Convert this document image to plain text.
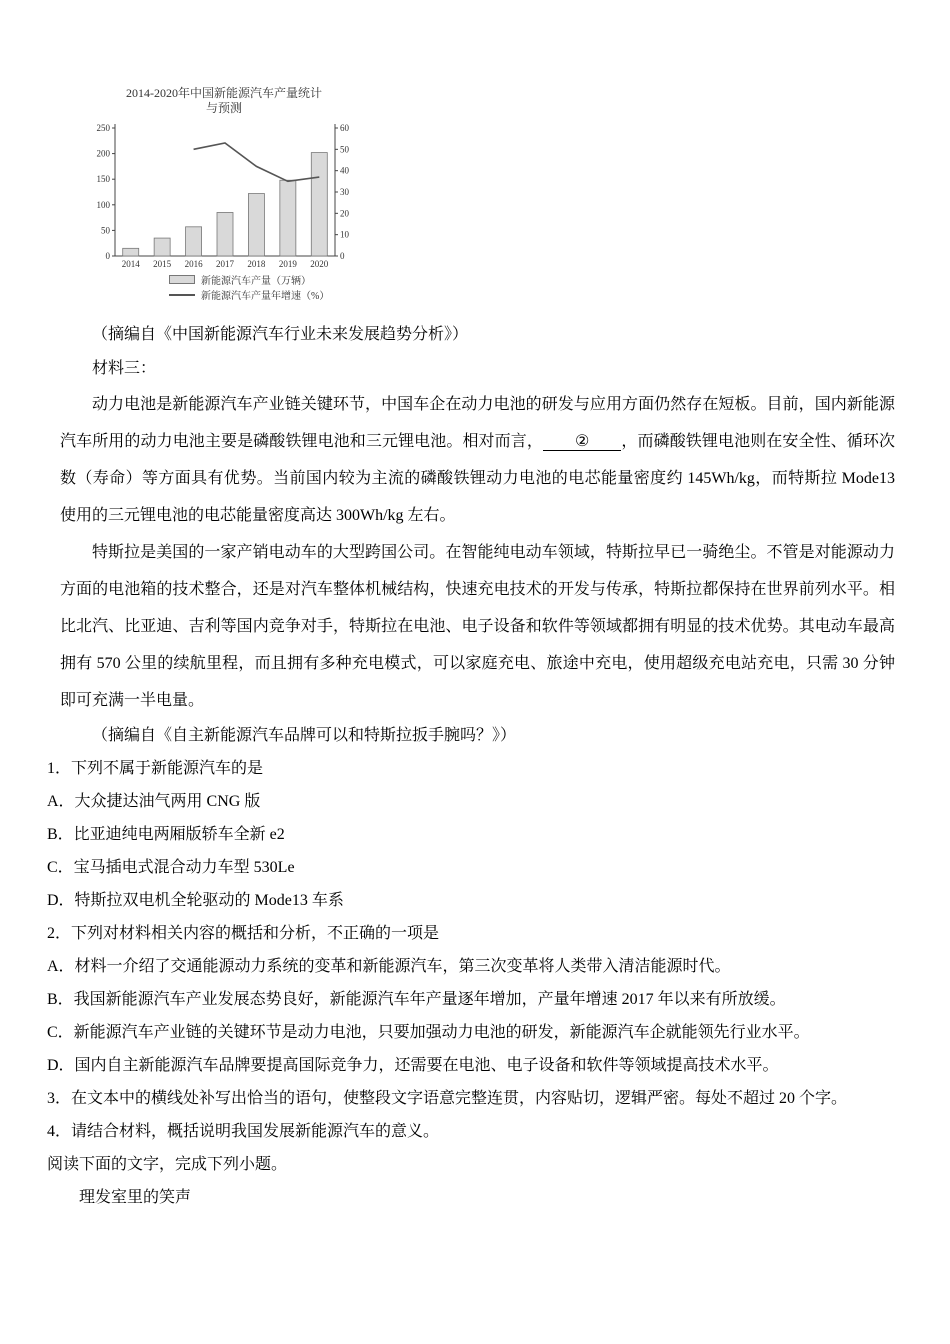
2014-2020年中国新能源汽车产量统计
与预测
0
50
100
150
200
250
0
10
20
30
40
50
60
2014 2015 2016 2017 2018 2019 2020
新能源汽车产量（万辆）
新能源汽车产量年增速（%）
（摘编自《中国新能源汽车行业未来发展趋势分析》）
材料三：

动力电池是新能源汽车产业链关键环节，中国车企在动力电池的研发与应用方面仍然存在短板。目前，国内新能源汽车所用的动力电池主要是磷酸铁锂电池和三元锂电池。相对而言， ② ，而磷酸铁锂电池则在安全性、循环次数（寿命）等方面具有优势。当前国内较为主流的磷酸铁锂动力电池的电芯能量密度约 145Wh/kg，而特斯拉 Mode13 使用的三元锂电池的电芯能量密度高达 300Wh/kg 左右。

特斯拉是美国的一家产销电动车的大型跨国公司。在智能纯电动车领域，特斯拉早已一骑绝尘。不管是对能源动力方面的电池箱的技术整合，还是对汽车整体机械结构，快速充电技术的开发与传承，特斯拉都保持在世界前列水平。相比北汽、比亚迪、吉利等国内竞争对手，特斯拉在电池、电子设备和软件等领域都拥有明显的技术优势。其电动车最高拥有 570 公里的续航里程，而且拥有多种充电模式，可以家庭充电、旅途中充电，使用超级充电站充电，只需 30 分钟即可充满一半电量。

（摘编自《自主新能源汽车品牌可以和特斯拉扳手腕吗？》）
1．下列不属于新能源汽车的是
A．大众捷达油气两用 CNG 版
B．比亚迪纯电两厢版轿车全新 e2
C．宝马插电式混合动力车型 530Le
D．特斯拉双电机全轮驱动的 Mode13 车系
2．下列对材料相关内容的概括和分析，不正确的一项是
A．材料一介绍了交通能源动力系统的变革和新能源汽车，第三次变革将人类带入清洁能源时代。
B．我国新能源汽车产业发展态势良好，新能源汽车年产量逐年增加，产量年增速 2017 年以来有所放缓。
C．新能源汽车产业链的关键环节是动力电池，只要加强动力电池的研发，新能源汽车企就能领先行业水平。
D．国内自主新能源汽车品牌要提高国际竞争力，还需要在电池、电子设备和软件等领域提高技术水平。
3．在文本中的横线处补写出恰当的语句，使整段文字语意完整连贯，内容贴切，逻辑严密。每处不超过 20 个字。
4．请结合材料，概括说明我国发展新能源汽车的意义。
阅读下面的文字，完成下列小题。
理发室里的笑声
